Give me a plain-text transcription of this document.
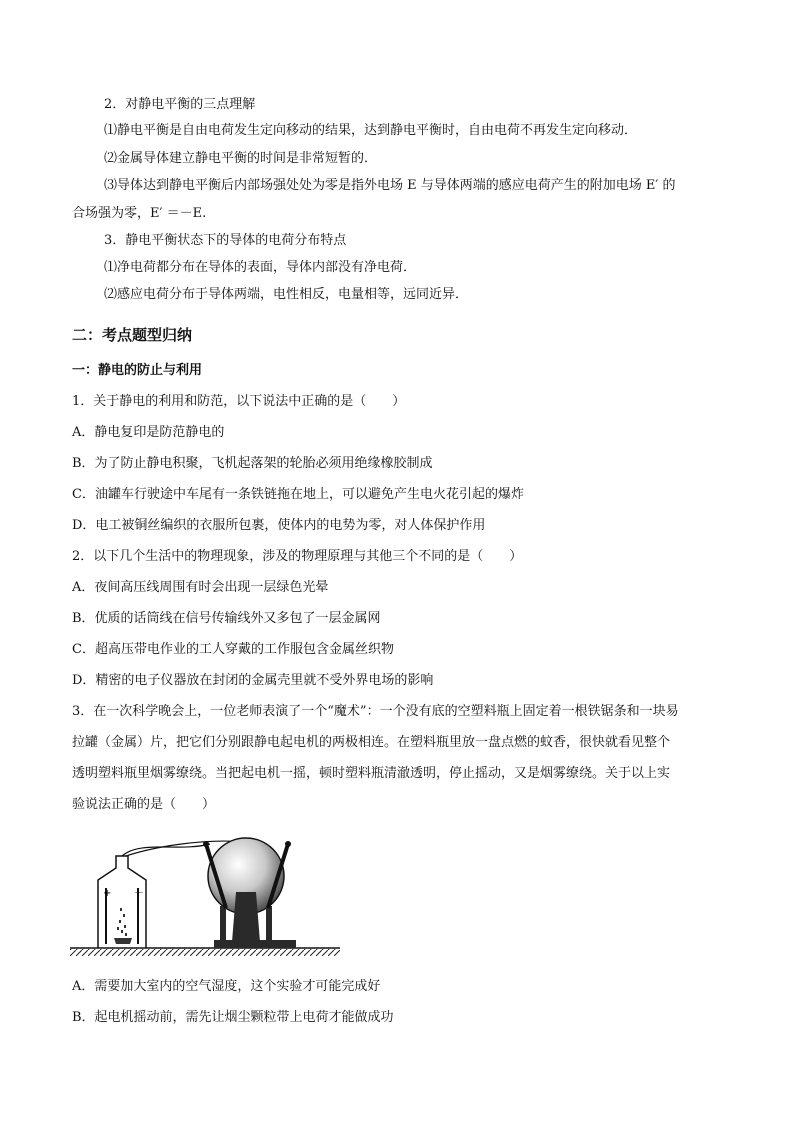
2．对静电平衡的三点理解
⑴静电平衡是自由电荷发生定向移动的结果，达到静电平衡时，自由电荷不再发生定向移动．
⑵金属导体建立静电平衡的时间是非常短暂的．
⑶导体达到静电平衡后内部场强处处为零是指外电场 E 与导体两端的感应电荷产生的附加电场 E′ 的
合场强为零，E′ ＝－E.
3．静电平衡状态下的导体的电荷分布特点
⑴净电荷都分布在导体的表面，导体内部没有净电荷．
⑵感应电荷分布于导体两端，电性相反，电量相等，远同近异．
二：考点题型归纳
一：静电的防止与利用
1．关于静电的利用和防范，以下说法中正确的是（　　）
A．静电复印是防范静电的
B．为了防止静电积聚，飞机起落架的轮胎必须用绝缘橡胶制成
C．油罐车行驶途中车尾有一条铁链拖在地上，可以避免产生电火花引起的爆炸
D．电工被铜丝编织的衣服所包裹，使体内的电势为零，对人体保护作用
2．以下几个生活中的物理现象，涉及的物理原理与其他三个不同的是（　　）
A．夜间高压线周围有时会出现一层绿色光晕
B．优质的话筒线在信号传输线外又多包了一层金属网
C．超高压带电作业的工人穿戴的工作服包含金属丝织物
D．精密的电子仪器放在封闭的金属壳里就不受外界电场的影响
3．在一次科学晚会上，一位老师表演了一个“魔术”：一个没有底的空塑料瓶上固定着一根铁锯条和一块易
拉罐（金属）片，把它们分别跟静电起电机的两极相连。在塑料瓶里放一盘点燃的蚊香，很快就看见整个
透明塑料瓶里烟雾缭绕。当把起电机一摇，顿时塑料瓶清澈透明，停止摇动，又是烟雾缭绕。关于以上实
验说法正确的是（　　）
+ －
A．需要加大室内的空气湿度，这个实验才可能完成好
B．起电机摇动前，需先让烟尘颗粒带上电荷才能做成功
